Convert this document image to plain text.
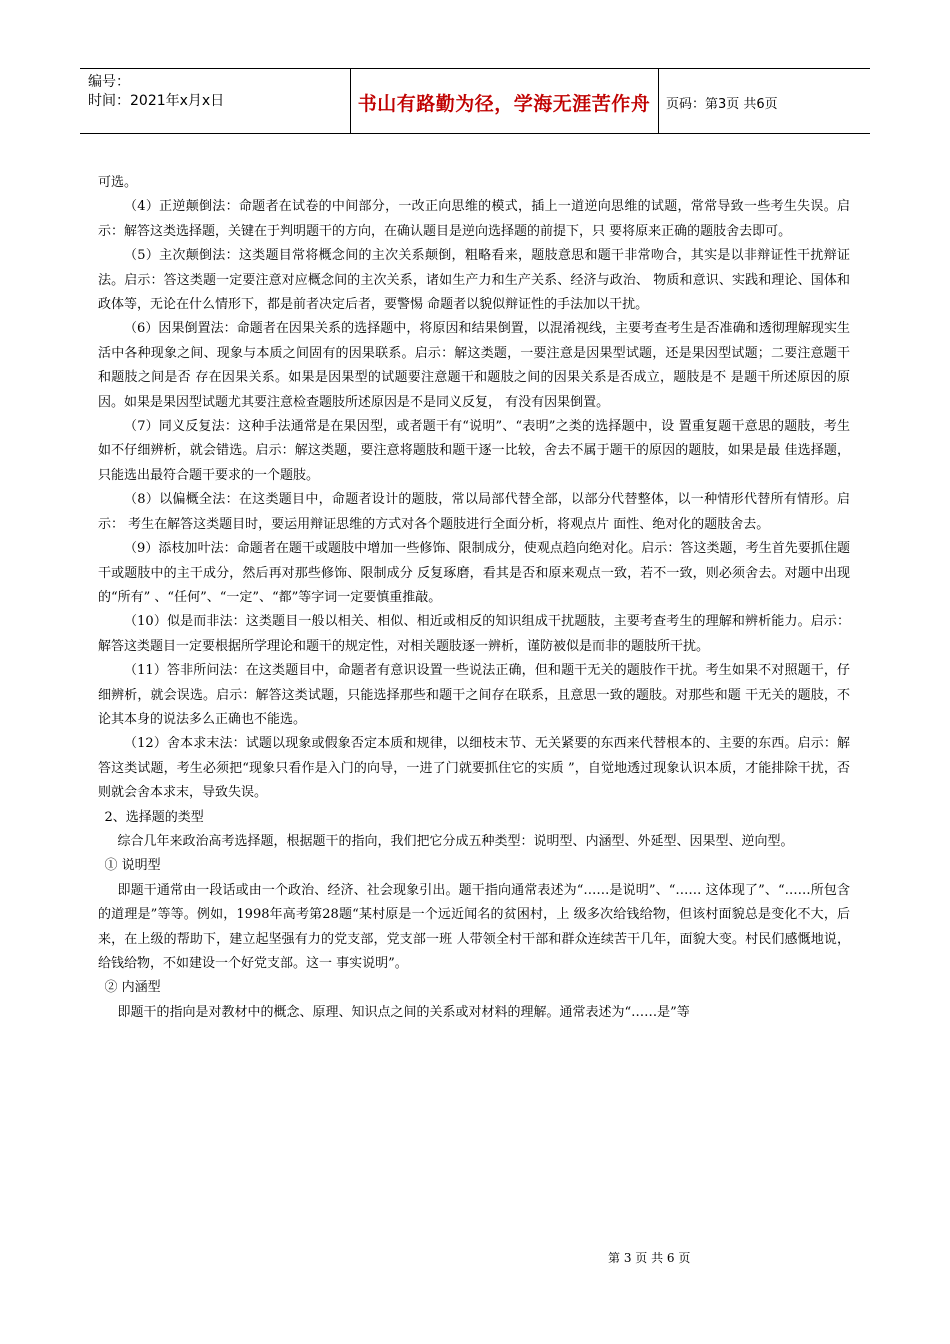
编号：
时间：2021年x月x日	书山有路勤为径，学海无涯苦作舟	页码：第3页 共6页

可选。

（4）正逆颠倒法：命题者在试卷的中间部分，一改正向思维的模式，插上一道逆向思维的试题，常常导致一些考生失误。启示：解答这类选择题，关键在于判明题干的方向，在确认题目是逆向选择题的前提下，只 要将原来正确的题肢舍去即可。

（5）主次颠倒法：这类题目常将概念间的主次关系颠倒，粗略看来，题肢意思和题干非常吻合，其实是以非辩证性干扰辩证法。启示：答这类题一定要注意对应概念间的主次关系，诸如生产力和生产关系、经济与政治、 物质和意识、实践和理论、国体和政体等，无论在什么情形下，都是前者决定后者，要警惕 命题者以貌似辩证性的手法加以干扰。

（6）因果倒置法：命题者在因果关系的选择题中，将原因和结果倒置，以混淆视线，主要考查考生是否准确和透彻理解现实生活中各种现象之间、现象与本质之间固有的因果联系。启示：解这类题，一要注意是因果型试题，还是果因型试题；二要注意题干和题肢之间是否 存在因果关系。如果是因果型的试题要注意题干和题肢之间的因果关系是否成立，题肢是不 是题干所述原因的原因。如果是果因型试题尤其要注意检查题肢所述原因是不是同义反复， 有没有因果倒置。

（7）同义反复法：这种手法通常是在果因型，或者题干有“说明”、“表明”之类的选择题中，设 置重复题干意思的题肢，考生如不仔细辨析，就会错选。启示：解这类题，要注意将题肢和题干逐一比较，舍去不属于题干的原因的题肢，如果是最 佳选择题，只能选出最符合题干要求的一个题肢。

（8）以偏概全法：在这类题目中，命题者设计的题肢，常以局部代替全部，以部分代替整体，以一种情形代替所有情形。启示： 考生在解答这类题目时，要运用辩证思维的方式对各个题肢进行全面分析，将观点片 面性、绝对化的题肢舍去。

（9）添枝加叶法：命题者在题干或题肢中增加一些修饰、限制成分，使观点趋向绝对化。启示：答这类题，考生首先要抓住题干或题肢中的主干成分，然后再对那些修饰、限制成分 反复琢磨，看其是否和原来观点一致，若不一致，则必须舍去。对题中出现的“所有” 、“任何”、“一定”、“都”等字词一定要慎重推敲。

（10）似是而非法：这类题目一般以相关、相似、相近或相反的知识组成干扰题肢，主要考查考生的理解和辨析能力。启示：解答这类题目一定要根据所学理论和题干的规定性，对相关题肢逐一辨析，谨防被似是而非的题肢所干扰。

（11）答非所问法：在这类题目中，命题者有意识设置一些说法正确，但和题干无关的题肢作干扰。考生如果不对照题干，仔细辨析，就会误选。启示：解答这类试题，只能选择那些和题干之间存在联系，且意思一致的题肢。对那些和题 干无关的题肢，不论其本身的说法多么正确也不能选。

（12）舍本求末法：试题以现象或假象否定本质和规律，以细枝末节、无关紧要的东西来代替根本的、主要的东西。启示：解答这类试题，考生必须把“现象只看作是入门的向导，一进了门就要抓住它的实质 ”，自觉地透过现象认识本质，才能排除干扰，否则就会舍本求末，导致失误。

2、选择题的类型

综合几年来政治高考选择题，根据题干的指向，我们把它分成五种类型：说明型、内涵型、外延型、因果型、逆向型。

① 说明型

即题干通常由一段话或由一个政治、经济、社会现象引出。题干指向通常表述为“……是说明”、“…… 这体现了”、“……所包含的道理是”等等。例如，1998年高考第28题“某村原是一个远近闻名的贫困村，上 级多次给钱给物，但该村面貌总是变化不大，后来，在上级的帮助下，建立起坚强有力的党支部，党支部一班 人带领全村干部和群众连续苦干几年，面貌大变。村民们感慨地说，给钱给物，不如建设一个好党支部。这一 事实说明”。

② 内涵型

即题干的指向是对教材中的概念、原理、知识点之间的关系或对材料的理解。通常表述为“……是”等

第 3 页 共 6 页
